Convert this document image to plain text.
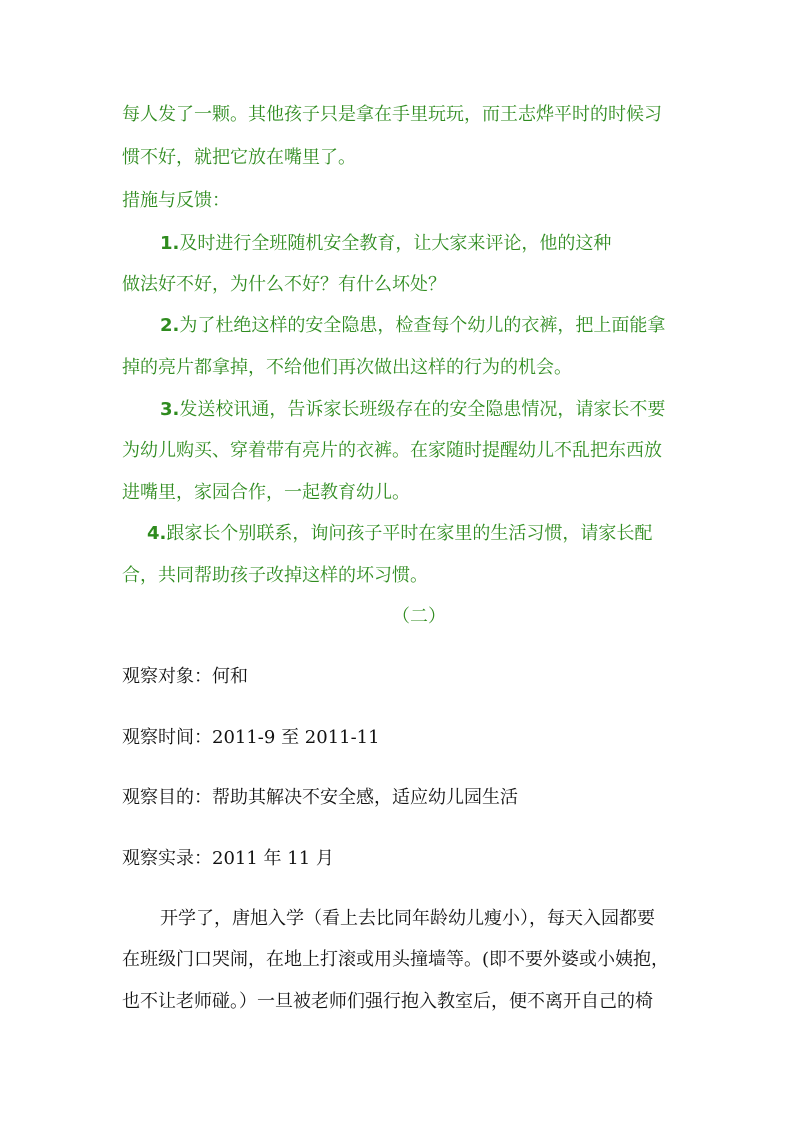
每人发了一颗。其他孩子只是拿在手里玩玩，而王志烨平时的时候习
惯不好，就把它放在嘴里了。
措施与反馈：
1.及时进行全班随机安全教育，让大家来评论，他的这种
做法好不好，为什么不好？有什么坏处？
2.为了杜绝这样的安全隐患，检查每个幼儿的衣裤，把上面能拿
掉的亮片都拿掉，不给他们再次做出这样的行为的机会。
3.发送校讯通，告诉家长班级存在的安全隐患情况，请家长不要
为幼儿购买、穿着带有亮片的衣裤。在家随时提醒幼儿不乱把东西放
进嘴里，家园合作，一起教育幼儿。
4.跟家长个别联系，询问孩子平时在家里的生活习惯，请家长配
合，共同帮助孩子改掉这样的坏习惯。
（二）
观察对象：何和
观察时间：2011-9 至 2011-11
观察目的：帮助其解决不安全感，适应幼儿园生活
观察实录：2011 年 11 月
开学了，唐旭入学（看上去比同年龄幼儿瘦小），每天入园都要
在班级门口哭闹，在地上打滚或用头撞墙等。(即不要外婆或小姨抱，
也不让老师碰。）一旦被老师们强行抱入教室后，便不离开自己的椅
